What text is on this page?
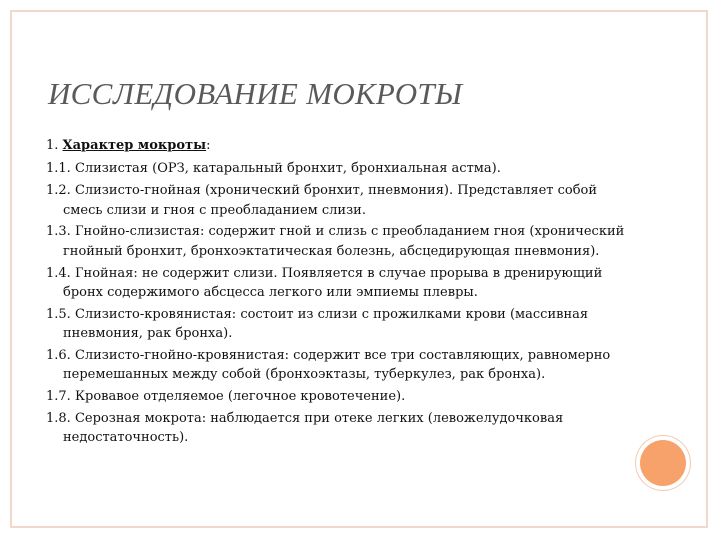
ИССЛЕДОВАНИЕ МОКРОТЫ

1. Характер мокроты:

1.1. Слизистая (ОРЗ, катаральный бронхит, бронхиальная астма).

1.2. Слизисто-гнойная (хронический бронхит, пневмония). Представляет собой смесь слизи и гноя с преобладанием слизи.

1.3. Гнойно-слизистая: содержит гной и слизь с преобладанием гноя (хронический гнойный бронхит, бронхоэктатическая болезнь, абсцедирующая пневмония).

1.4. Гнойная: не содержит слизи. Появляется в случае прорыва в дренирующий бронх содержимого абсцесса легкого или эмпиемы плевры.

1.5. Слизисто-кровянистая: состоит из слизи с прожилками крови (массивная пневмония, рак бронха).

1.6. Слизисто-гнойно-кровянистая: содержит все три составляющих, равномерно перемешанных между собой (бронхоэктазы, туберкулез, рак бронха).

1.7. Кровавое отделяемое (легочное кровотечение).

1.8. Серозная мокрота: наблюдается при отеке легких (левожелудочковая недостаточность).
